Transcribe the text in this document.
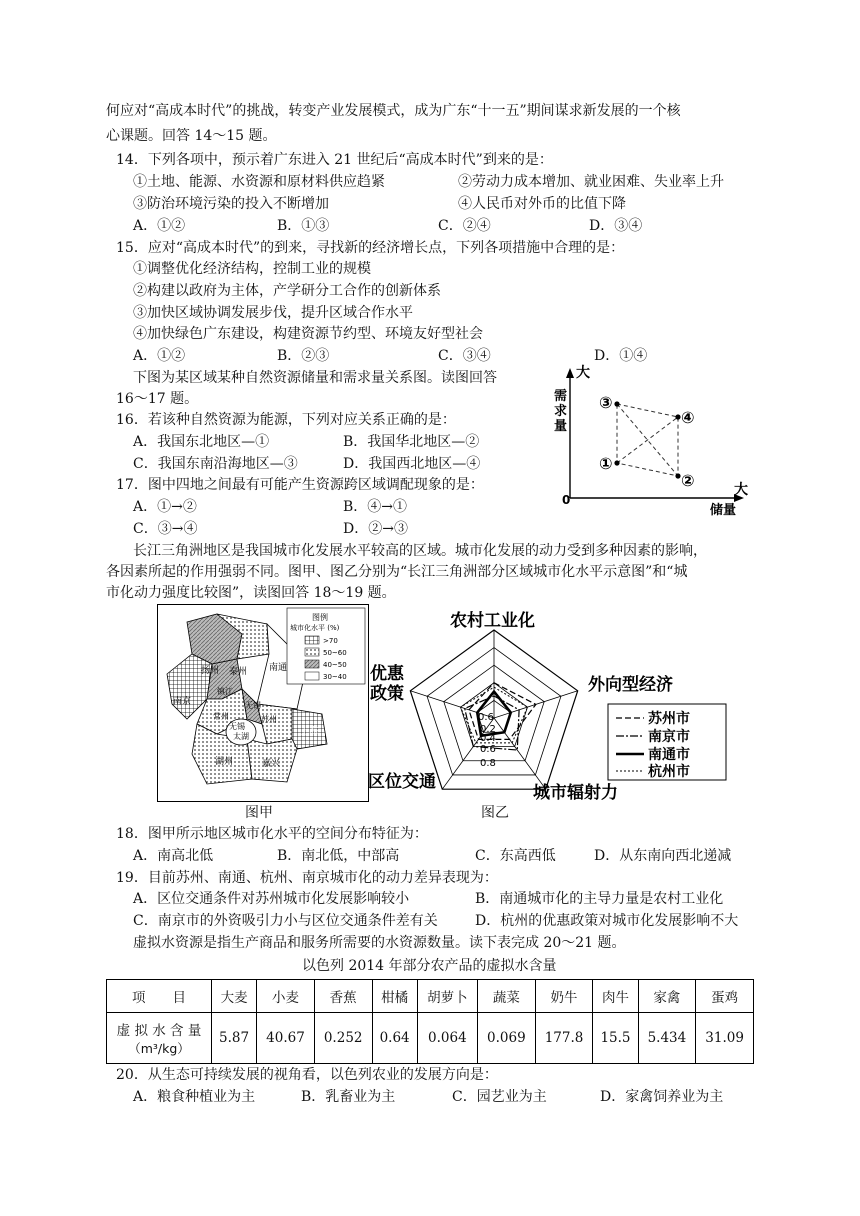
何应对“高成本时代”的挑战，转变产业发展模式，成为广东“十一五”期间谋求新发展的一个核
心课题。回答 14～15 题。
14．下列各项中，预示着广东进入 21 世纪后“高成本时代”到来的是：
①土地、能源、水资源和原材料供应趋紧	②劳动力成本增加、就业困难、失业率上升
③防治环境污染的投入不断增加	④人民币对外币的比值下降
A．①②	B．①③	C．②④	D．③④
15．应对“高成本时代”的到来，寻找新的经济增长点，下列各项措施中合理的是：
①调整优化经济结构，控制工业的规模
②构建以政府为主体，产学研分工合作的创新体系
③加快区域协调发展步伐，提升区域合作水平
④加快绿色广东建设，构建资源节约型、环境友好型社会
A．①②	B．②③	C．③④	D．①④
下图为某区域某种自然资源储量和需求量关系图。读图回答
16～17 题。
16．若该种自然资源为能源，下列对应关系正确的是：
A．我国东北地区—①	B．我国华北地区—②
C．我国东南沿海地区—③	D．我国西北地区—④
17．图中四地之间最有可能产生资源跨区域调配现象的是：
A．①→②	B．④→①
C．③→④	D．②→③
大
需
求
量
0
大
储量
③
④
②
①
长江三角洲地区是我国城市化发展水平较高的区域。城市化发展的动力受到多种因素的影响，
各因素所起的作用强弱不同。图甲、图乙分别为“长江三角洲部分区域城市化水平示意图”和“城
市化动力强度比较图”，读图回答 18～19 题。
扬州 泰州 南通
南京
镇江
常州
无锡
苏州
无锡
太湖	上海
湖州	嘉兴
图例
城市化水平 (%)
>70
50~60
40~50
30~40
图甲
农村工业化
外向型经济
城市辐射力
区位交通
优惠
政策
0.6
0.6
0.8
0.2
0.4
苏州市
南京市
南通市
杭州市
图乙
18．图甲所示地区城市化水平的空间分布特征为：
A．南高北低	B．南北低，中部高	C．东高西低	D．从东南向西北递减
19．目前苏州、南通、杭州、南京城市化的动力差异表现为：
A．区位交通条件对苏州城市化发展影响较小	B．南通城市化的主导力量是农村工业化
C．南京市的外资吸引力小与区位交通条件差有关	D．杭州的优惠政策对城市化发展影响不大
虚拟水资源是指生产商品和服务所需要的水资源数量。读下表完成 20～21 题。
以色列 2014 年部分农产品的虚拟水含量
项　　目	大麦	小麦	香蕉	柑橘	胡萝卜	蔬菜	奶牛	肉牛	家禽	蛋鸡

虚 拟 水 含 量
（m³/kg）	5.87	40.67	0.252	0.64	0.064	0.069	177.8	15.5	5.434	31.09
20．从生态可持续发展的视角看，以色列农业的发展方向是：
A．粮食种植业为主	B．乳畜业为主	C．园艺业为主	D．家禽饲养业为主
